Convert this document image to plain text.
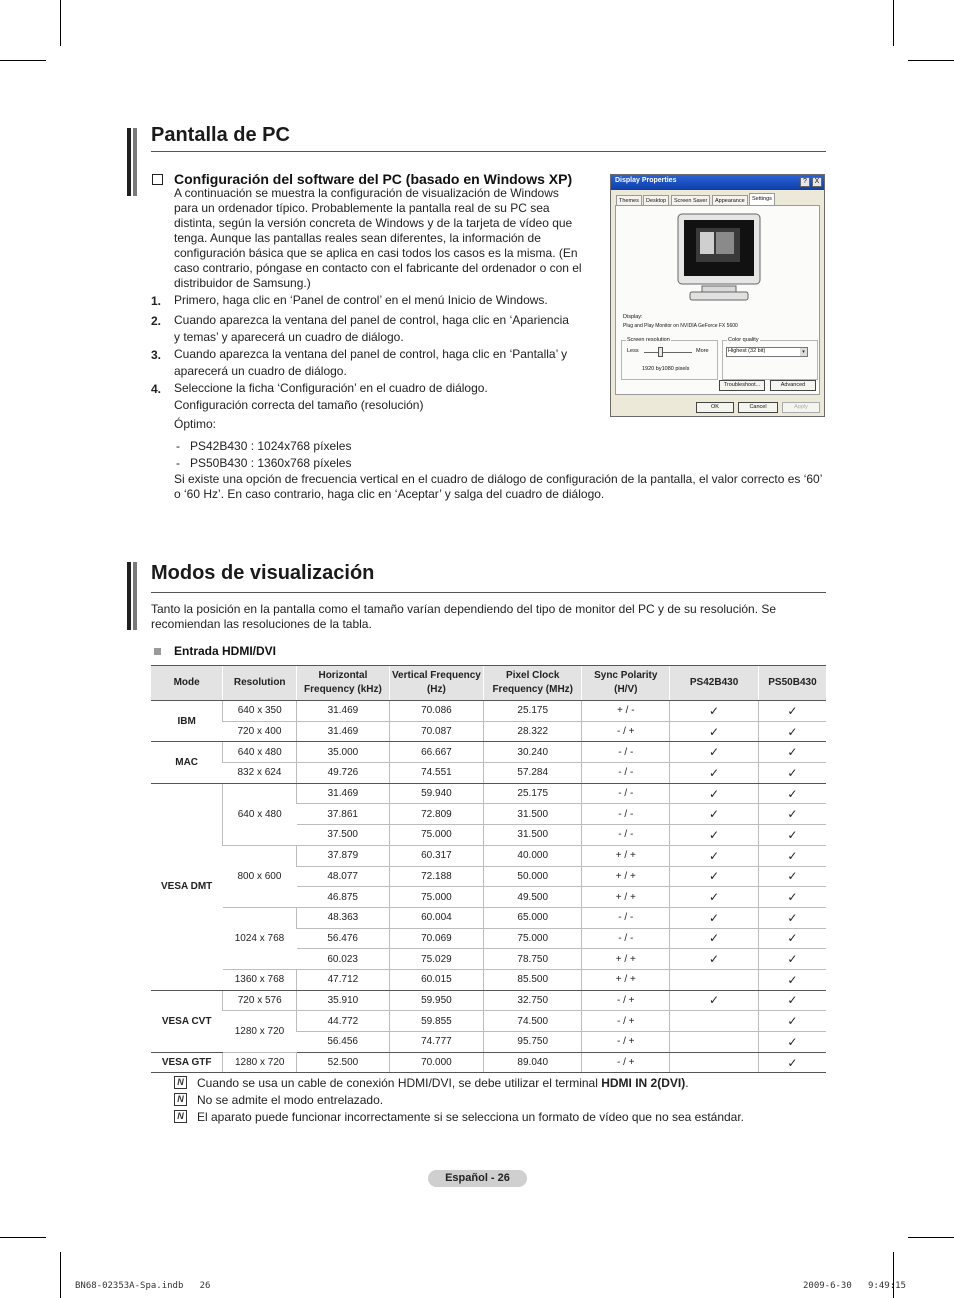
Pantalla de PC
Configuración del software del PC (basado en Windows XP)
A continuación se muestra la configuración de visualización de Windows para un ordenador típico. Probablemente la pantalla real de su PC sea distinta, según la versión concreta de Windows y de la tarjeta de vídeo que tenga. Aunque las pantallas reales sean diferentes, la información de configuración básica que se aplica en casi todos los casos es la misma. (En caso contrario, póngase en contacto con el fabricante del ordenador o con el distribuidor de Samsung.)
1. Primero, haga clic en ‘Panel de control’ en el menú Inicio de Windows.
2. Cuando aparezca la ventana del panel de control, haga clic en ‘Apariencia y temas’ y aparecerá un cuadro de diálogo.
3. Cuando aparezca la ventana del panel de control, haga clic en ‘Pantalla’ y aparecerá un cuadro de diálogo.
4. Seleccione la ficha ‘Configuración’ en el cuadro de diálogo.
Configuración correcta del tamaño (resolución)
Óptimo:
-   PS42B430 : 1024x768 píxeles
-   PS50B430 : 1360x768 píxeles
Si existe una opción de frecuencia vertical en el cuadro de diálogo de configuración de la pantalla, el valor correcto es ‘60’ o ‘60 Hz’. En caso contrario, haga clic en ‘Aceptar’ y salga del cuadro de diálogo.
Display Properties	?	X
Themes	Desktop	Screen Saver	Appearance	Settings
Display:
Plug and Play Monitor on NVIDIA GeForce FX 5600
Screen resolution
Less	More
1920 by1080 pixels
Color quality
Highest (32 bit)	▾
Troubleshoot...	Advanced
OK	Cancel	Apply
Modos de visualización
Tanto la posición en la pantalla como el tamaño varían dependiendo del tipo de monitor del PC y de su resolución. Se recomiendan las resoluciones de la tabla.
Entrada HDMI/DVI
Mode	Resolution	Horizontal Frequency (kHz)	Vertical Frequency (Hz)	Pixel Clock Frequency (MHz)	Sync Polarity (H/V)	PS42B430	PS50B430
IBM	640 x 350	31.469	70.086	25.175	+ / -	✓	✓
	720 x 400	31.469	70.087	28.322	- / +	✓	✓
MAC	640 x 480	35.000	66.667	30.240	- / -	✓	✓
	832 x 624	49.726	74.551	57.284	- / -	✓	✓
VESA DMT	640 x 480	31.469	59.940	25.175	- / -	✓	✓
		37.861	72.809	31.500	- / -	✓	✓
		37.500	75.000	31.500	- / -	✓	✓
	800 x 600	37.879	60.317	40.000	+ / +	✓	✓
		48.077	72.188	50.000	+ / +	✓	✓
		46.875	75.000	49.500	+ / +	✓	✓
	1024 x 768	48.363	60.004	65.000	- / -	✓	✓
		56.476	70.069	75.000	- / -	✓	✓
		60.023	75.029	78.750	+ / +	✓	✓
	1360 x 768	47.712	60.015	85.500	+ / +		✓
VESA CVT	720 x 576	35.910	59.950	32.750	- / +	✓	✓
	1280 x 720	44.772	59.855	74.500	- / +		✓
		56.456	74.777	95.750	- / +		✓
VESA GTF	1280 x 720	52.500	70.000	89.040	- / +		✓
N Cuando se usa un cable de conexión HDMI/DVI, se debe utilizar el terminal HDMI IN 2(DVI).
N No se admite el modo entrelazado.
N El aparato puede funcionar incorrectamente si se selecciona un formato de vídeo que no sea estándar.
Español - 26
BN68-02353A-Spa.indb   26	2009-6-30   9:49:15
